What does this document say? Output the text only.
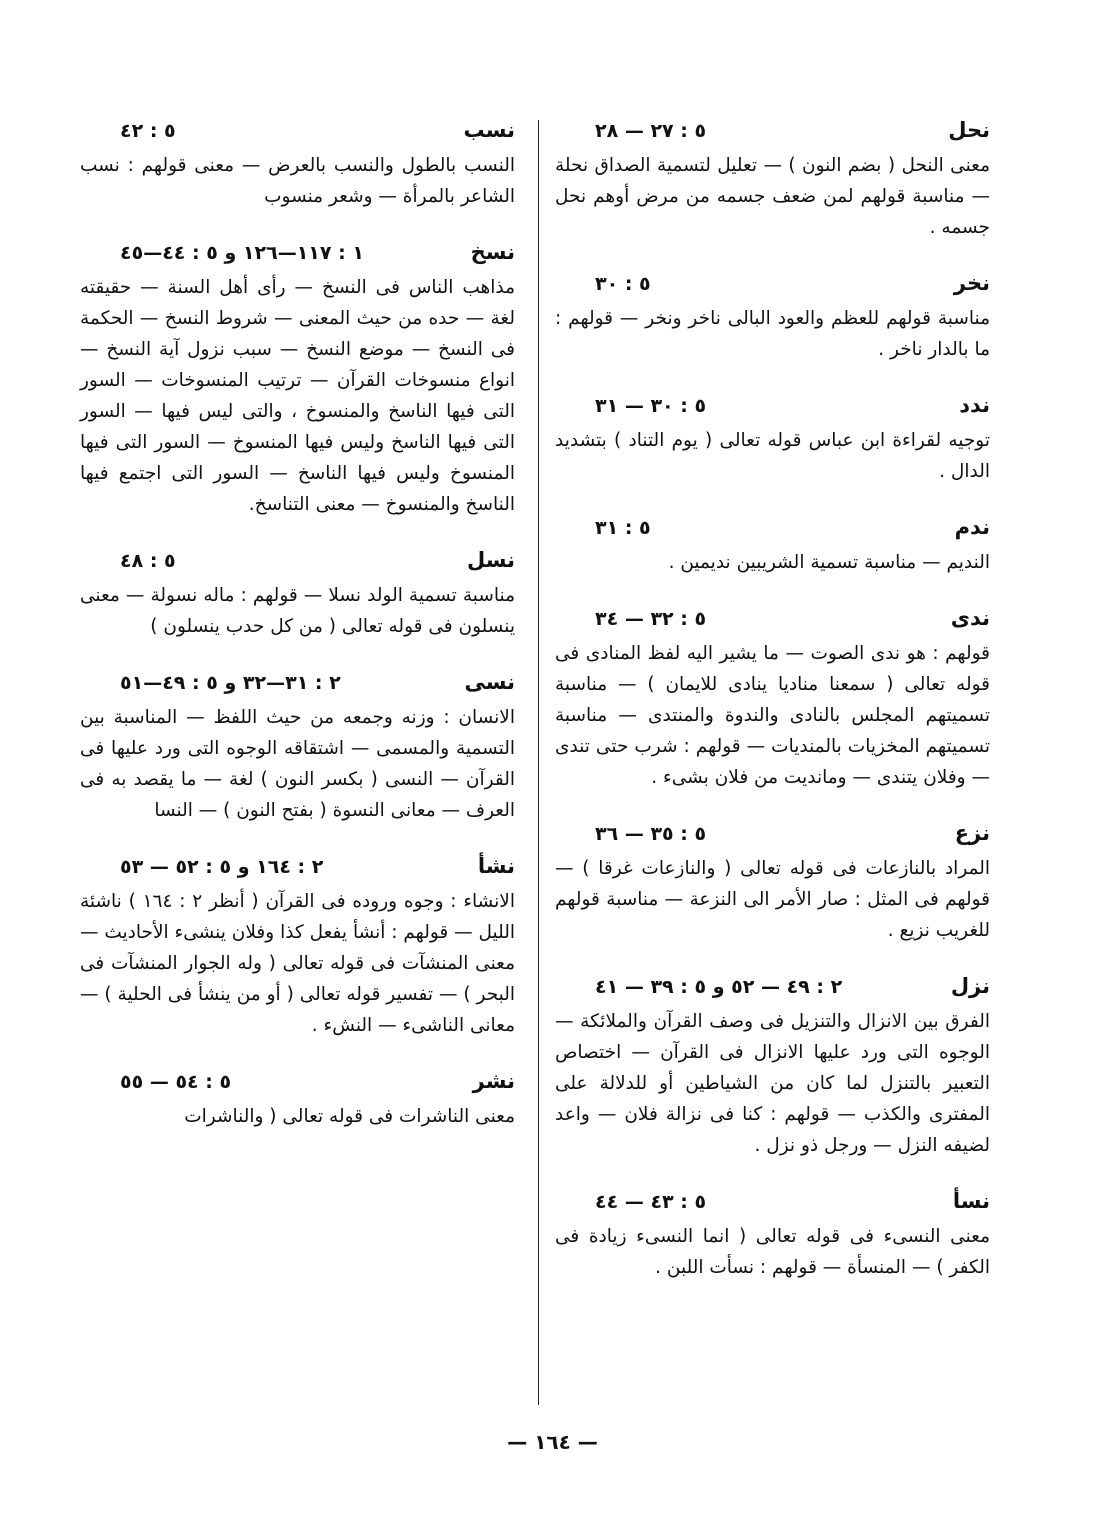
نحل
٥ : ٢٧ — ٢٨
معنى النحل ( بضم النون ) — تعليل لتسمية الصداق نحلة — مناسبة قولهم لمن ضعف جسمه من مرض أوهم نحل جسمه .
نخر
٥ : ٣٠
مناسبة قولهم للعظم والعود البالى ناخر ونخر — قولهم : ما بالدار ناخر .
ندد
٥ : ٣٠ — ٣١
توجيه لقراءة ابن عباس قوله تعالى ( يوم التناد ) بتشديد الدال .
ندم
٥ : ٣١
النديم — مناسبة تسمية الشريبين نديمين .
ندى
٥ : ٣٢ — ٣٤
قولهم : هو ندى الصوت — ما يشير اليه لفظ المنادى فى قوله تعالى ( سمعنا مناديا ينادى للايمان ) — مناسبة تسميتهم المجلس بالنادى والندوة والمنتدى — مناسبة تسميتهم المخزيات بالمنديات — قولهم : شرب حتى تندى — وفلان يتندى — ومانديت من فلان بشىء .
نزع
٥ : ٣٥ — ٣٦
المراد بالنازعات فى قوله تعالى ( والنازعات غرقا ) — قولهم فى المثل : صار الأمر الى النزعة — مناسبة قولهم للغريب نزيع .
نزل
٢ : ٤٩ — ٥٢ و ٥ : ٣٩ — ٤١
الفرق بين الانزال والتنزيل فى وصف القرآن والملائكة — الوجوه التى ورد عليها الانزال فى القرآن — اختصاص التعبير بالتنزل لما كان من الشياطين أو للدلالة على المفترى والكذب — قولهم : كنا فى نزالة فلان — واعد لضيفه النزل — ورجل ذو نزل .
نسأ
٥ : ٤٣ — ٤٤
معنى النسىء فى قوله تعالى ( انما النسىء زيادة فى الكفر ) — المنسأة — قولهم : نسأت اللبن .
نسب
٥ : ٤٢
النسب بالطول والنسب بالعرض — معنى قولهم : نسب الشاعر بالمرأة — وشعر منسوب
نسخ
١ : ١١٧—١٢٦ و ٥ : ٤٤—٤٥
مذاهب الناس فى النسخ — رأى أهل السنة — حقيقته لغة — حده من حيث المعنى — شروط النسخ — الحكمة فى النسخ — موضع النسخ — سبب نزول آية النسخ — انواع منسوخات القرآن — ترتيب المنسوخات — السور التى فيها الناسخ والمنسوخ ، والتى ليس فيها — السور التى فيها الناسخ وليس فيها المنسوخ — السور التى فيها المنسوخ وليس فيها الناسخ — السور التى اجتمع فيها الناسخ والمنسوخ — معنى التناسخ.
نسل
٥ : ٤٨
مناسبة تسمية الولد نسلا — قولهم : ماله نسولة — معنى ينسلون فى قوله تعالى ( من كل حدب ينسلون )
نسى
٢ : ٣١—٣٢ و ٥ : ٤٩—٥١
الانسان : وزنه وجمعه من حيث اللفظ — المناسبة بين التسمية والمسمى — اشتقاقه الوجوه التى ورد عليها فى القرآن — النسى ( بكسر النون ) لغة — ما يقصد به فى العرف — معانى النسوة ( بفتح النون ) — النسا
نشأ
٢ : ١٦٤ و ٥ : ٥٢ — ٥٣
الانشاء : وجوه وروده فى القرآن ( أنظر ٢ : ١٦٤ ) ناشئة الليل — قولهم : أنشأ يفعل كذا وفلان ينشىء الأحاديث — معنى المنشآت فى قوله تعالى ( وله الجوار المنشآت فى البحر ) — تفسير قوله تعالى ( أو من ينشأ فى الحلية ) — معانى الناشىء — النشء .
نشر
٥ : ٥٤ — ٥٥
معنى الناشرات فى قوله تعالى ( والناشرات
— ١٦٤ —
